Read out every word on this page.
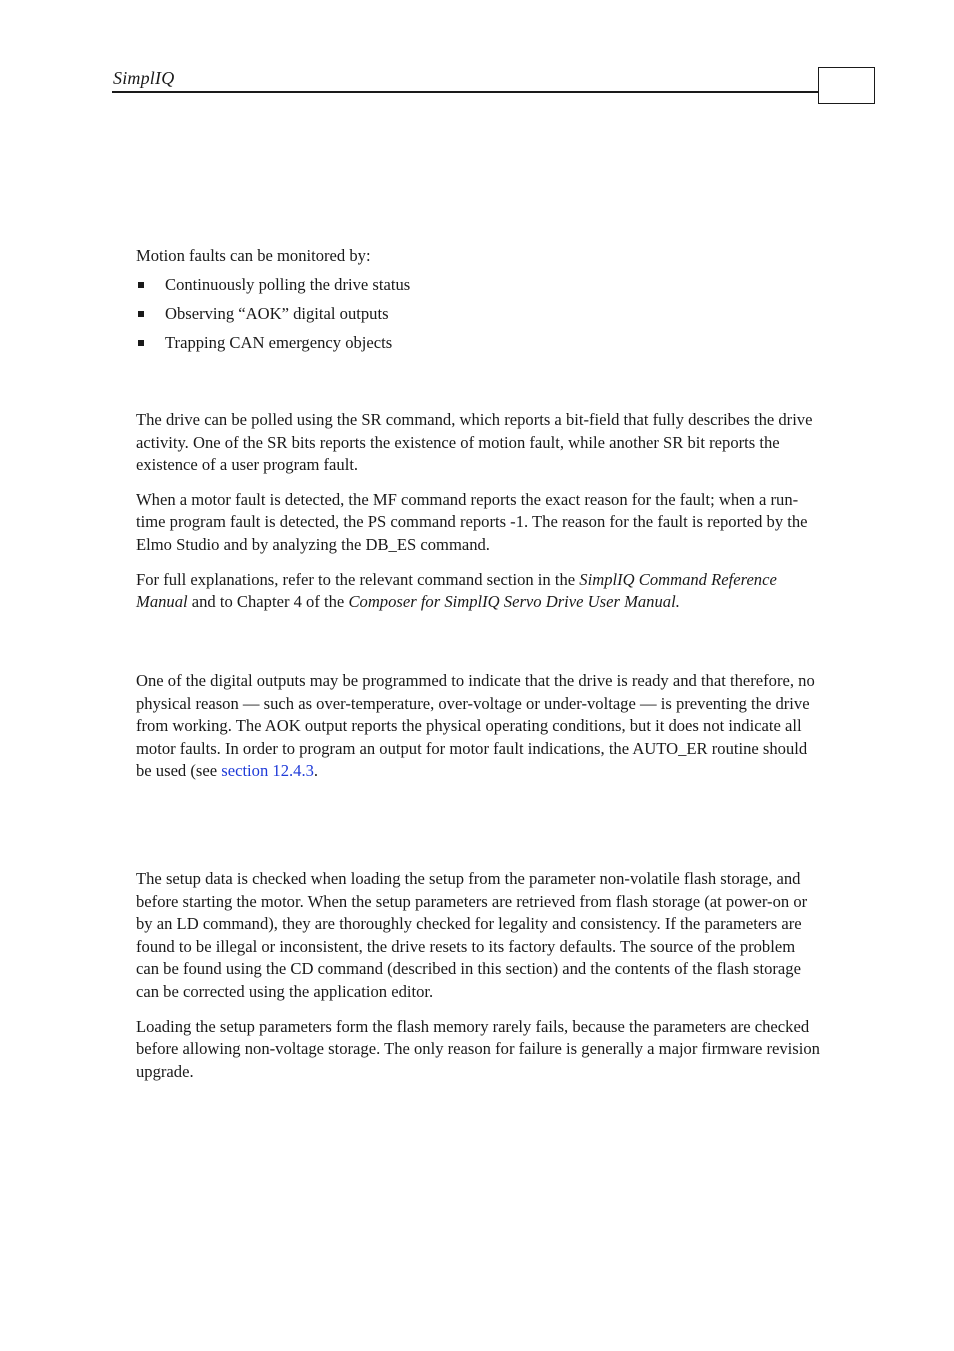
SimplIQ

Motion faults can be monitored by:

Continuously polling the drive status
Observing “AOK” digital outputs
Trapping CAN emergency objects

The drive can be polled using the SR command, which reports a bit-field that fully describes the drive activity. One of the SR bits reports the existence of motion fault, while another SR bit reports the existence of a user program fault.

When a motor fault is detected, the MF command reports the exact reason for the fault; when a run-time program fault is detected, the PS command reports -1. The reason for the fault is reported by the Elmo Studio and by analyzing the DB_ES command.

For full explanations, refer to the relevant command section in the SimplIQ Command Reference Manual and to Chapter 4 of the Composer for SimplIQ Servo Drive User Manual.

One of the digital outputs may be programmed to indicate that the drive is ready and that therefore, no physical reason — such as over-temperature, over-voltage or under-voltage — is preventing the drive from working. The AOK output reports the physical operating conditions, but it does not indicate all motor faults. In order to program an output for motor fault indications, the AUTO_ER routine should be used (see section 12.4.3.

The setup data is checked when loading the setup from the parameter non-volatile flash storage, and before starting the motor. When the setup parameters are retrieved from flash storage (at power-on or by an LD command), they are thoroughly checked for legality and consistency. If the parameters are found to be illegal or inconsistent, the drive resets to its factory defaults. The source of the problem can be found using the CD command (described in this section) and the contents of the flash storage can be corrected using the application editor.

Loading the setup parameters form the flash memory rarely fails, because the parameters are checked before allowing non-voltage storage. The only reason for failure is generally a major firmware revision upgrade.
